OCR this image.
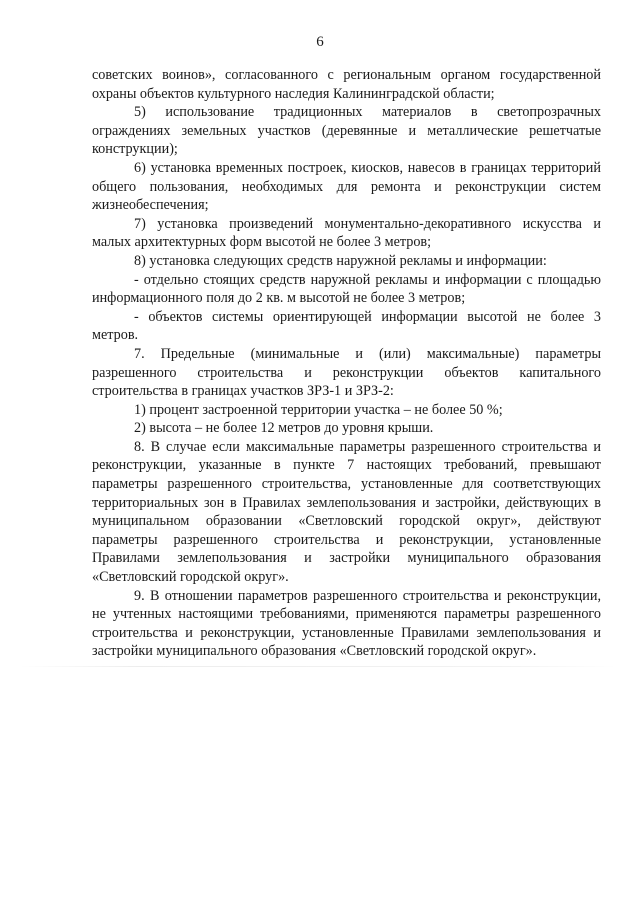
6

советских воинов», согласованного с региональным органом государственной охраны объектов культурного наследия Калининградской области;

5) использование традиционных материалов в светопрозрачных ограждениях земельных участков (деревянные и металлические решетчатые конструкции);

6) установка временных построек, киосков, навесов в границах территорий общего пользования, необходимых для ремонта и реконструкции систем жизнеобеспечения;

7) установка произведений монументально-декоративного искусства и малых архитектурных форм высотой не более 3 метров;

8) установка следующих средств наружной рекламы и информации:

- отдельно стоящих средств наружной рекламы и информации с площадью информационного поля до 2 кв. м высотой не более 3 метров;

- объектов системы ориентирующей информации высотой не более 3 метров.

7. Предельные (минимальные и (или) максимальные) параметры разрешенного строительства и реконструкции объектов капитального строительства в границах участков ЗРЗ-1 и ЗРЗ-2:

1) процент застроенной территории участка – не более 50 %;

2) высота – не более 12 метров до уровня крыши.

8. В случае если максимальные параметры разрешенного строительства и реконструкции, указанные в пункте 7 настоящих требований, превышают параметры разрешенного строительства, установленные для соответствующих территориальных зон в Правилах землепользования и застройки, действующих в муниципальном образовании «Светловский городской округ», действуют параметры разрешенного строительства и реконструкции, установленные Правилами землепользования и застройки муниципального образования «Светловский городской округ».

9. В отношении параметров разрешенного строительства и реконструкции, не учтенных настоящими требованиями, применяются параметры разрешенного строительства и реконструкции, установленные Правилами землепользования и застройки муниципального образования «Светловский городской округ».
